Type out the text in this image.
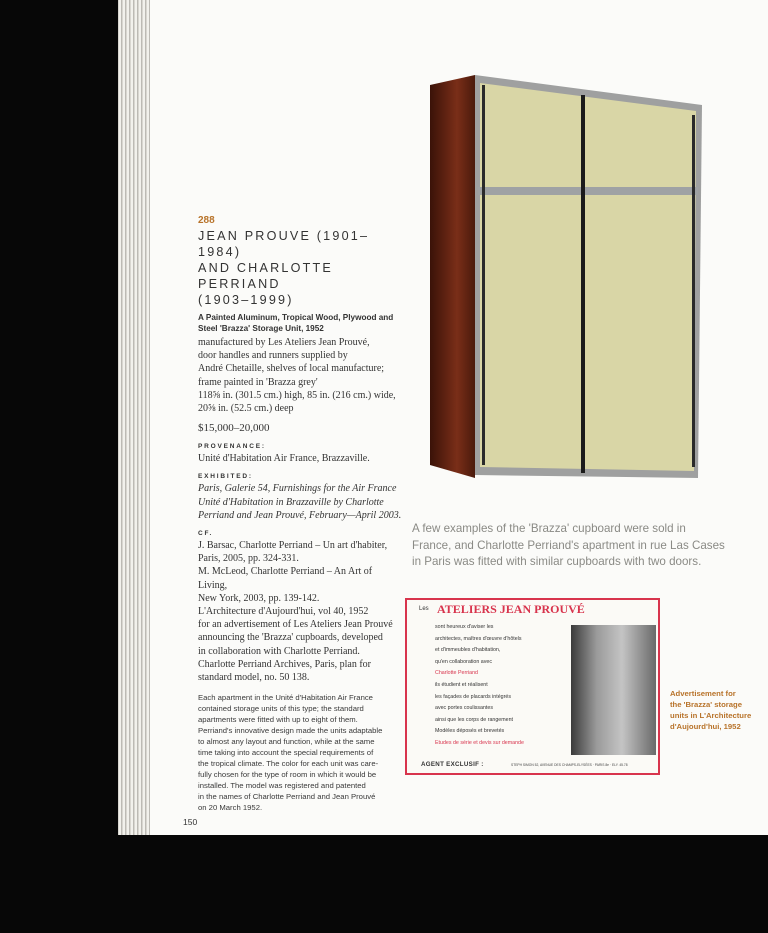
288
JEAN PROUVE (1901–1984)
AND CHARLOTTE PERRIAND
(1903–1999)
A Painted Aluminum, Tropical Wood, Plywood and Steel 'Brazza' Storage Unit, 1952
manufactured by Les Ateliers Jean Prouvé,
door handles and runners supplied by
André Chetaille, shelves of local manufacture;
frame painted in 'Brazza grey'
118⅝ in. (301.5 cm.) high, 85 in. (216 cm.) wide,
20⅝ in. (52.5 cm.) deep
$15,000–20,000
PROVENANCE:
Unité d'Habitation Air France, Brazzaville.
EXHIBITED:
Paris, Galerie 54, Furnishings for the Air France
Unité d'Habitation in Brazzaville by Charlotte
Perriand and Jean Prouvé, February—April 2003.
CF.
J. Barsac, Charlotte Perriand – Un art d'habiter,
Paris, 2005, pp. 324-331.
M. McLeod, Charlotte Perriand – An Art of Living,
New York, 2003, pp. 139-142.
L'Architecture d'Aujourd'hui, vol 40, 1952
for an advertisement of Les Ateliers Jean Prouvé
announcing the 'Brazza' cupboards, developed
in collaboration with Charlotte Perriand.
Charlotte Perriand Archives, Paris, plan for
standard model, no. 50 138.
Each apartment in the Unité d'Habitation Air France
contained storage units of this type; the standard
apartments were fitted with up to eight of them.
Perriand's innovative design made the units adaptable
to almost any layout and function, while at the same
time taking into account the special requirements of
the tropical climate. The color for each unit was care-
fully chosen for the type of room in which it would be
installed. The model was registered and patented
in the names of Charlotte Perriand and Jean Prouvé
on 20 March 1952.
150
A few examples of the 'Brazza' cupboard were sold in
France, and Charlotte Perriand's apartment in rue Las Cases
in Paris was fitted with similar cupboards with two doors.
Les ATELIERS JEAN PROUVÉ
sont heureux d'aviser les
architectes, maîtres d'œuvre d'hôtels
et d'immeubles d'habitation,
qu'en collaboration avec
Charlotte Perriand
ils étudient et réalisent
les façades de placards intégrés
avec portes coulissantes
ainsi que les corps de rangement
Modèles déposés et brevetés
Etudes de série et devis sur demande
AGENT EXCLUSIF :	STEPH SIMON 52, AVENUE DES CHAMPS-ELYSÉES · PARIS 8e · ELY. 45.78
Advertisement for
the 'Brazza' storage
units in L'Architecture
d'Aujourd'hui, 1952
